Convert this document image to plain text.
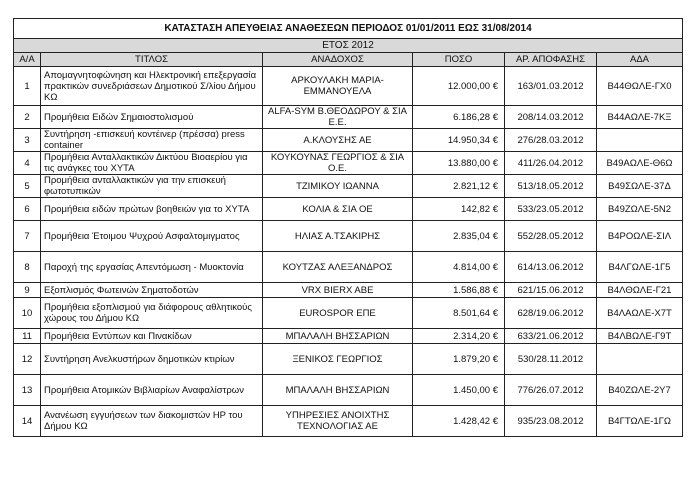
ΚΑΤΑΣΤΑΣΗ ΑΠΕΥΘΕΙΑΣ ΑΝΑΘΕΣΕΩΝ ΠΕΡΙΟΔΟΣ 01/01/2011 ΕΩΣ 31/08/2014					
ΕΤΟΣ 2012					
Α/Α	ΤΙΤΛΟΣ	ΑΝΑΔΟΧΟΣ	ΠΟΣΟ	ΑΡ. ΑΠΟΦΑΣΗΣ	ΑΔΑ
1	Απομαγνητοφώνηση και Ηλεκτρονική επεξεργασία πρακτικών συνεδριάσεων Δημοτικού Σ/λίου Δήμου ΚΩ	ΑΡΚΟΥΛΑΚΗ ΜΑΡΙΑ-ΕΜΜΑΝΟΥΕΛΑ	12.000,00 €	163/01.03.2012	Β44ΘΩΛΕ-ΓΧ0
2	Προμήθεια Ειδών Σημαιοστολισμού	ALFA-SYM Β.ΘΕΟΔΩΡΟΥ & ΣΙΑ Ε.Ε.	6.186,28 €	208/14.03.2012	Β44ΑΩΛΕ-7ΚΞ
3	Συντήρηση -επισκευή κοντέινερ (πρέσσα) press container	Α.ΚΛΟΥΣΗΣ ΑΕ	14.950,34 €	276/28.03.2012	
4	Προμήθεια Ανταλλακτικών Δικτύου Βιοαερίου για τις ανάγκες του ΧΥΤΑ	ΚΟΥΚΟΥΝΑΣ ΓΕΩΡΓΙΟΣ & ΣΙΑ Ο.Ε.	13.880,00 €	411/26.04.2012	Β49ΑΩΛΕ-Θ6Ω
5	Προμήθεια ανταλλακτικών για την επισκευή φωτοτυπικών	ΤΖΙΜΙΚΟΥ ΙΩΑΝΝΑ	2.821,12 €	513/18.05.2012	Β49ΣΩΛΕ-37Δ
6	Προμήθεια ειδών πρώτων βοηθειών για το ΧΥΤΑ	ΚΟΛΙΑ & ΣΙΑ ΟΕ	142,82 €	533/23.05.2012	Β49ΖΩΛΕ-5Ν2
7	Προμήθεια Έτοιμου Ψυχρού Ασφαλτομιγματος	ΗΛΙΑΣ Α.ΤΣΑΚΙΡΗΣ	2.835,04 €	552/28.05.2012	Β4ΡΟΩΛΕ-ΣΙΛ
8	Παροχή της εργασίας Απεντόμωση - Μυοκτονία	ΚΟΥΤΖΑΣ ΑΛΕΞΑΝΔΡΟΣ	4.814,00 €	614/13.06.2012	Β4ΛΓΩΛΕ-1Γ5
9	Εξοπλισμός Φωτεινών Σηματοδοτών	VRX BIERX ABE	1.586,88 €	621/15.06.2012	Β4ΛΘΩΛΕ-Γ21
10	Προμήθεια εξοπλισμού για διάφορους αθλητικούς χώρους του Δήμου ΚΩ	EUROSPOR ΕΠΕ	8.501,64 €	628/19.06.2012	Β4ΛΑΩΛΕ-Χ7Τ
11	Προμήθεια Εντύπων και Πινακίδων	ΜΠΑΛΑΛΗ ΒΗΣΣΑΡΙΩΝ	2.314,20 €	633/21.06.2012	Β4ΛΒΩΛΕ-Γ9Τ
12	Συντήρηση Ανελκυστήρων δημοτικών κτιρίων	ΞΕΝΙΚΟΣ ΓΕΩΡΓΙΟΣ	1.879,20 €	530/28.11.2012	
13	Προμήθεια Ατομικών Βιβλιαρίων Αναφαλίστρων	ΜΠΑΛΑΛΗ ΒΗΣΣΑΡΙΩΝ	1.450,00 €	776/26.07.2012	Β40ΖΩΛΕ-2Υ7
14	Ανανέωση εγγυήσεων των διακομιστών HP του Δήμου ΚΩ	ΥΠΗΡΕΣΙΕΣ ΑΝΟΙΧΤΗΣ ΤΕΧΝΟΛΟΓΙΑΣ ΑΕ	1.428,42 €	935/23.08.2012	Β4ΓΤΩΛΕ-1ΓΩ
